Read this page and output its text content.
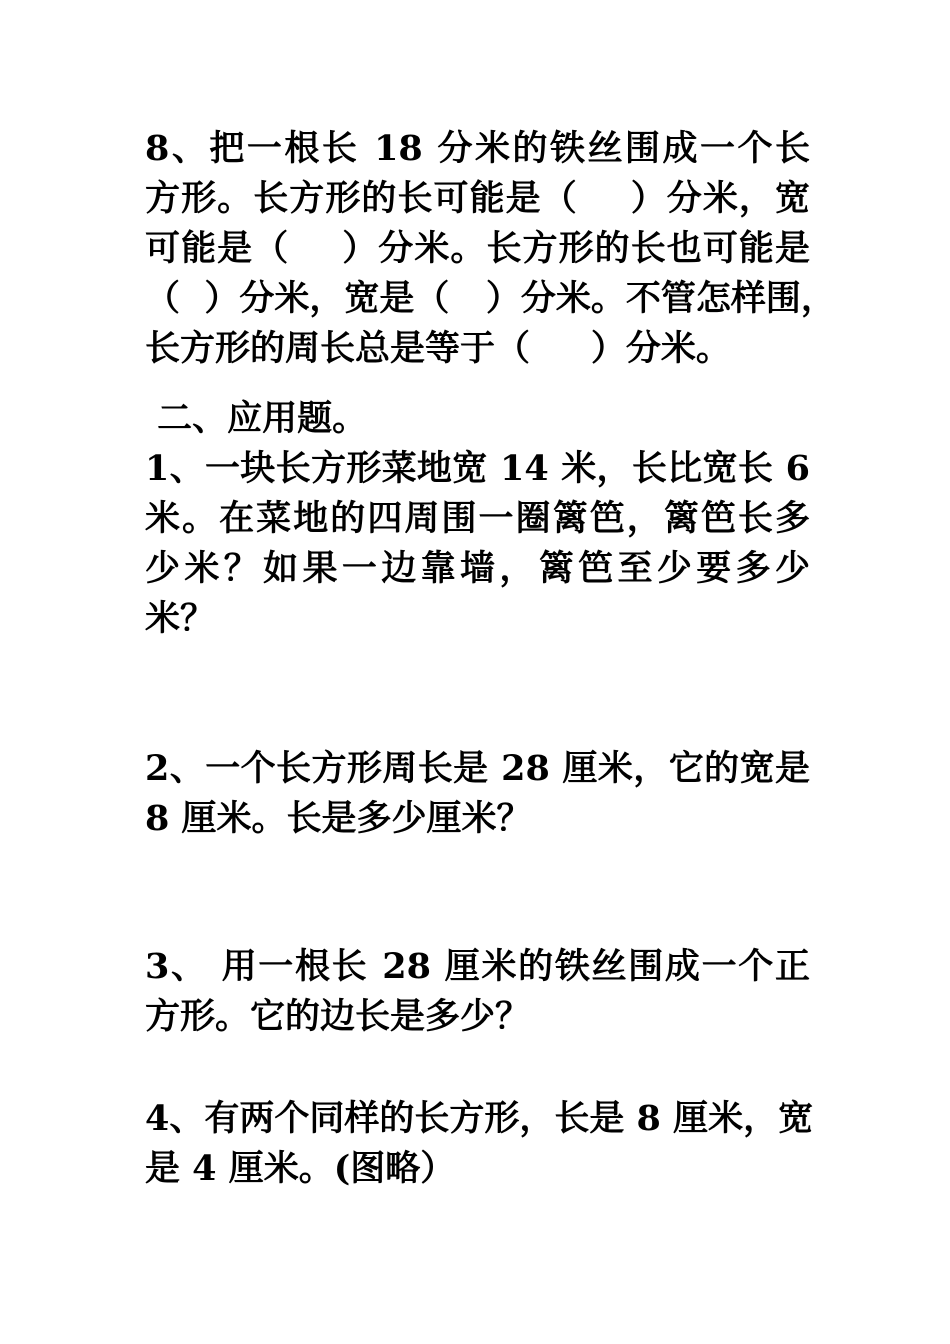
8、把一根长 18 分米的铁丝围成一个长
方形。长方形的长可能是（    ）分米，宽
可能是（    ）分米。长方形的长也可能是
（  ）分米，宽是（   ）分米。不管怎样围，
长方形的周长总是等于（     ）分米。
二、应用题。
1、一块长方形菜地宽 14 米，长比宽长 6
米。在菜地的四周围一圈篱笆，篱笆长多
少米？如果一边靠墙，篱笆至少要多少
米？
2、一个长方形周长是 28 厘米，它的宽是
8 厘米。长是多少厘米？
3、 用一根长 28 厘米的铁丝围成一个正
方形。它的边长是多少？
4、有两个同样的长方形，长是 8 厘米，宽
是 4 厘米。(图略）
